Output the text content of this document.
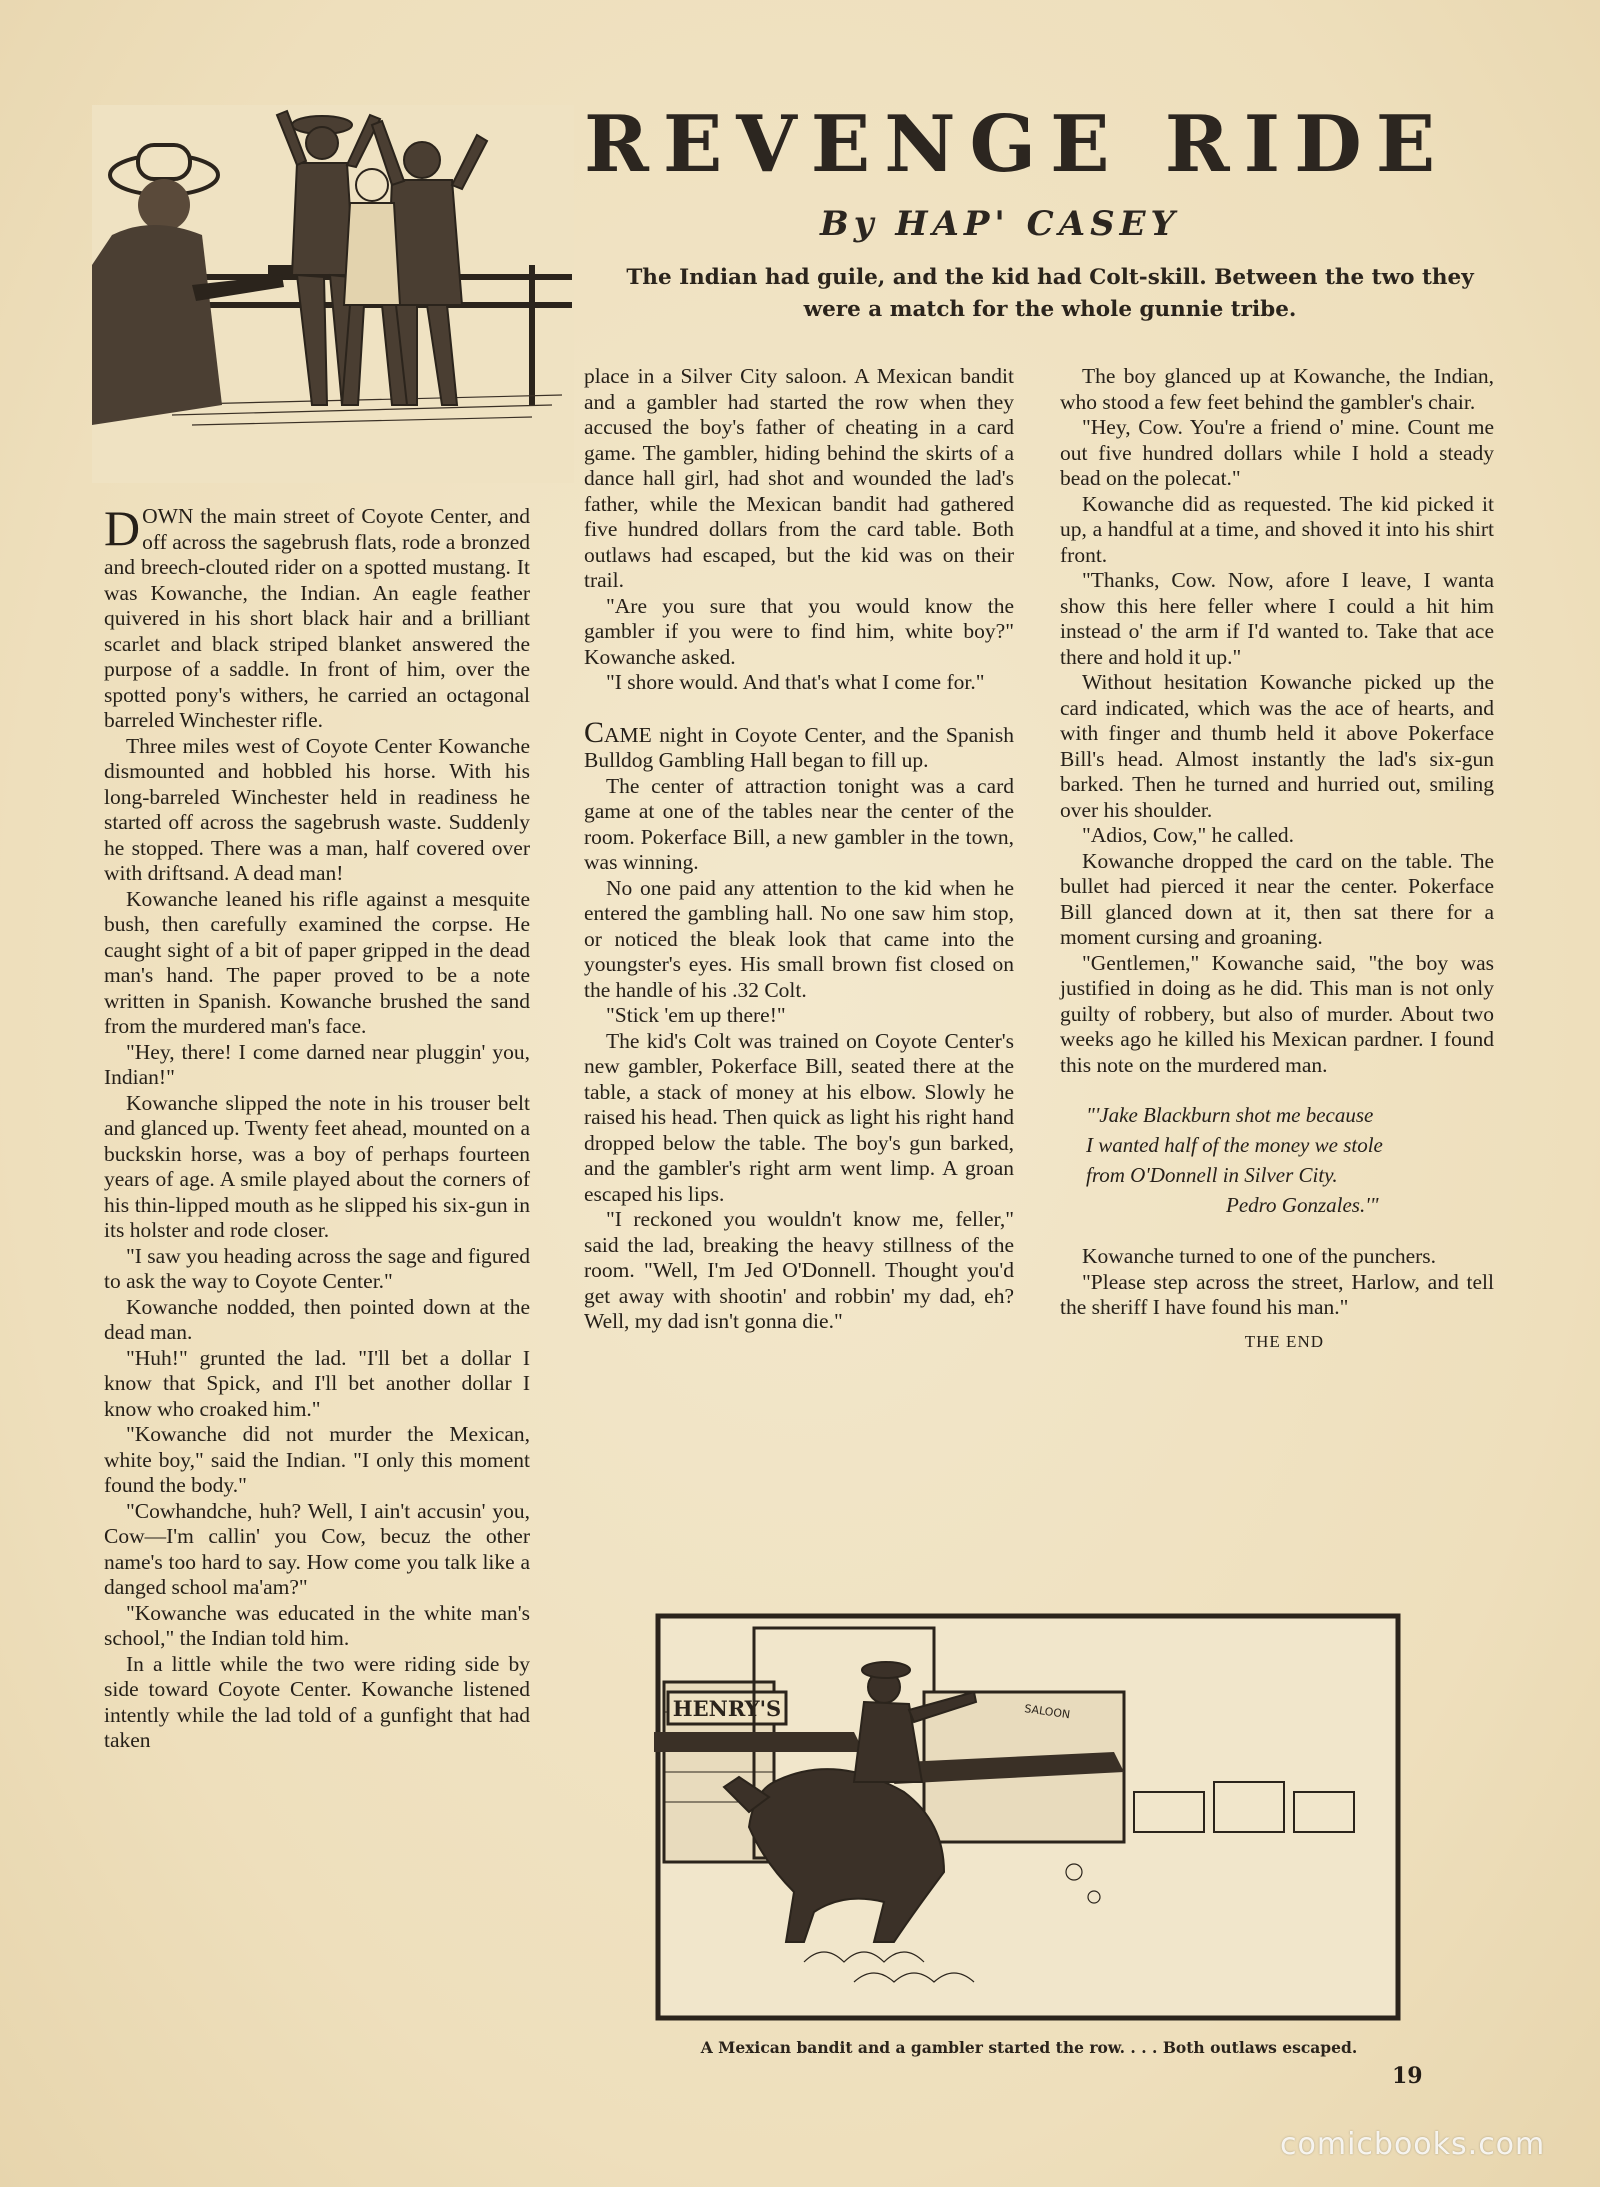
REVENGE RIDE
By HAP' CASEY
The Indian had guile, and the kid had Colt-skill. Between the two they were a match for the whole gunnie tribe.

DOWN the main street of Coyote Center, and off across the sagebrush flats, rode a bronzed and breech-clouted rider on a spotted mustang. It was Kowanche, the Indian. An eagle feather quivered in his short black hair and a brilliant scarlet and black striped blanket answered the purpose of a saddle. In front of him, over the spotted pony's withers, he carried an octagonal barreled Winchester rifle.

Three miles west of Coyote Center Kowanche dismounted and hobbled his horse. With his long-barreled Winchester held in readiness he started off across the sagebrush waste. Suddenly he stopped. There was a man, half covered over with driftsand. A dead man!

Kowanche leaned his rifle against a mesquite bush, then carefully examined the corpse. He caught sight of a bit of paper gripped in the dead man's hand. The paper proved to be a note written in Spanish. Kowanche brushed the sand from the murdered man's face.

"Hey, there! I come darned near pluggin' you, Indian!"

Kowanche slipped the note in his trouser belt and glanced up. Twenty feet ahead, mounted on a buckskin horse, was a boy of perhaps fourteen years of age. A smile played about the corners of his thin-lipped mouth as he slipped his six-gun in its holster and rode closer.

"I saw you heading across the sage and figured to ask the way to Coyote Center."

Kowanche nodded, then pointed down at the dead man.

"Huh!" grunted the lad. "I'll bet a dollar I know that Spick, and I'll bet another dollar I know who croaked him."

"Kowanche did not murder the Mexican, white boy," said the Indian. "I only this moment found the body."

"Cowhandche, huh? Well, I ain't accusin' you, Cow—I'm callin' you Cow, becuz the other name's too hard to say. How come you talk like a danged school ma'am?"

"Kowanche was educated in the white man's school," the Indian told him.

In a little while the two were riding side by side toward Coyote Center. Kowanche listened intently while the lad told of a gunfight that had taken

place in a Silver City saloon. A Mexican bandit and a gambler had started the row when they accused the boy's father of cheating in a card game. The gambler, hiding behind the skirts of a dance hall girl, had shot and wounded the lad's father, while the Mexican bandit had gathered five hundred dollars from the card table. Both outlaws had escaped, but the kid was on their trail.

"Are you sure that you would know the gambler if you were to find him, white boy?" Kowanche asked.

"I shore would. And that's what I come for."

CAME night in Coyote Center, and the Spanish Bulldog Gambling Hall began to fill up.

The center of attraction tonight was a card game at one of the tables near the center of the room. Pokerface Bill, a new gambler in the town, was winning.

No one paid any attention to the kid when he entered the gambling hall. No one saw him stop, or noticed the bleak look that came into the youngster's eyes. His small brown fist closed on the handle of his .32 Colt.

"Stick 'em up there!"

The kid's Colt was trained on Coyote Center's new gambler, Pokerface Bill, seated there at the table, a stack of money at his elbow. Slowly he raised his head. Then quick as light his right hand dropped below the table. The boy's gun barked, and the gambler's right arm went limp. A groan escaped his lips.

"I reckoned you wouldn't know me, feller," said the lad, breaking the heavy stillness of the room. "Well, I'm Jed O'Donnell. Thought you'd get away with shootin' and robbin' my dad, eh? Well, my dad isn't gonna die."

The boy glanced up at Kowanche, the Indian, who stood a few feet behind the gambler's chair.

"Hey, Cow. You're a friend o' mine. Count me out five hundred dollars while I hold a steady bead on the polecat."

Kowanche did as requested. The kid picked it up, a handful at a time, and shoved it into his shirt front.

"Thanks, Cow. Now, afore I leave, I wanta show this here feller where I could a hit him instead o' the arm if I'd wanted to. Take that ace there and hold it up."

Without hesitation Kowanche picked up the card indicated, which was the ace of hearts, and with finger and thumb held it above Pokerface Bill's head. Almost instantly the lad's six-gun barked. Then he turned and hurried out, smiling over his shoulder.

"Adios, Cow," he called.

Kowanche dropped the card on the table. The bullet had pierced it near the center. Pokerface Bill glanced down at it, then sat there for a moment cursing and groaning.

"Gentlemen," Kowanche said, "the boy was justified in doing as he did. This man is not only guilty of robbery, but also of murder. About two weeks ago he killed his Mexican pardner. I found this note on the murdered man.

"'Jake Blackburn shot me because
I wanted half of the money we stole
from O'Donnell in Silver City.
Pedro Gonzales.'"

Kowanche turned to one of the punchers.

"Please step across the street, Harlow, and tell the sheriff I have found his man."

THE END
HENRY'S	SALOON
A Mexican bandit and a gambler started the row. . . . Both outlaws escaped.
19
comicbooks.com
